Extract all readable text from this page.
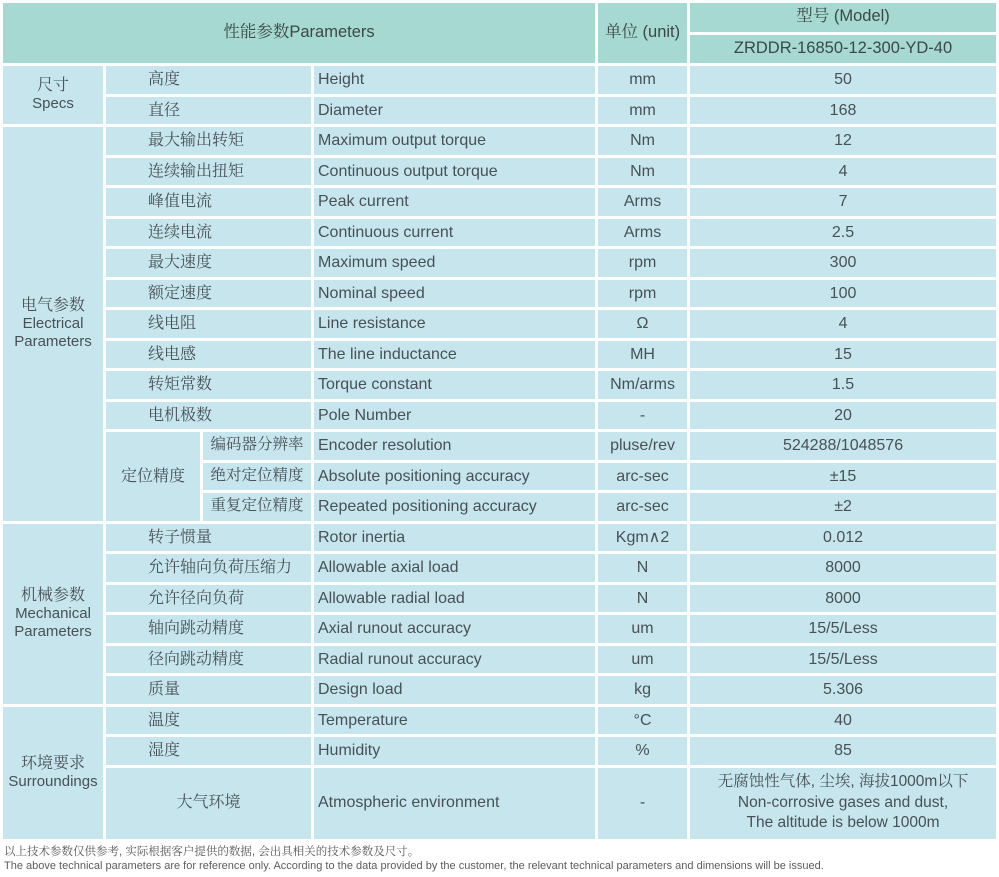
性能参数Parameters				单位 (unit)	型号 (Model)
					ZRDDR-16850-12-300-YD-40

尺寸
Specs	高度		Height	mm	50
	直径		Diameter	mm	168

电气参数
Electrical Parameters	最大输出转矩		Maximum output torque	Nm	12
	连续输出扭矩		Continuous output torque	Nm	4
	峰值电流		Peak current	Arms	7
	连续电流		Continuous current	Arms	2.5
	最大速度		Maximum speed	rpm	300
	额定速度		Nominal speed	rpm	100
	线电阻		Line resistance	Ω	4
	线电感		The line inductance	MH	15
	转矩常数		Torque constant	Nm/arms	1.5
	电机极数		Pole Number	-	20
	定位精度	编码器分辨率	Encoder resolution	pluse/rev	524288/1048576
		绝对定位精度	Absolute positioning accuracy	arc-sec	±15
		重复定位精度	Repeated positioning accuracy	arc-sec	±2

机械参数
Mechanical Parameters	转子惯量		Rotor inertia	Kgm∧2	0.012
	允许轴向负荷压缩力		Allowable axial load	N	8000
	允许径向负荷		Allowable radial load	N	8000
	轴向跳动精度		Axial runout accuracy	um	15/5/Less
	径向跳动精度		Radial runout accuracy	um	15/5/Less
	质量		Design load	kg	5.306

环境要求
Surroundings	温度		Temperature	°C	40
	湿度		Humidity	%	85
	大气环境		Atmospheric environment	-	无腐蚀性气体, 尘埃, 海拔1000m以下
Non-corrosive gases and dust,
The altitude is below 1000m
以上技术参数仅供参考, 实际根据客户提供的数据, 会出具相关的技术参数及尺寸。
The above technical parameters are for reference only. According to the data provided by the customer, the relevant technical parameters and dimensions will be issued.
